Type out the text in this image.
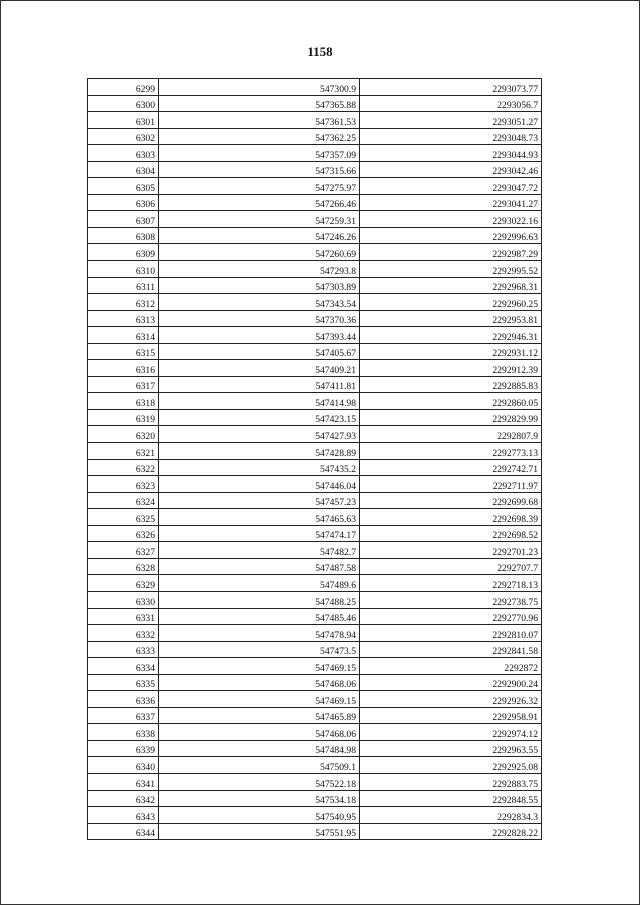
1158
6299	547300.9	2293073.77
6300	547365.88	2293056.7
6301	547361.53	2293051.27
6302	547362.25	2293048.73
6303	547357.09	2293044.93
6304	547315.66	2293042.46
6305	547275.97	2293047.72
6306	547266.46	2293041.27
6307	547259.31	2293022.16
6308	547246.26	2292996.63
6309	547260.69	2292987.29
6310	547293.8	2292995.52
6311	547303.89	2292968.31
6312	547343.54	2292960.25
6313	547370.36	2292953.81
6314	547393.44	2292946.31
6315	547405.67	2292931.12
6316	547409.21	2292912.39
6317	547411.81	2292885.83
6318	547414.98	2292860.05
6319	547423.15	2292829.99
6320	547427.93	2292807.9
6321	547428.89	2292773.13
6322	547435.2	2292742.71
6323	547446.04	2292711.97
6324	547457.23	2292699.68
6325	547465.63	2292698.39
6326	547474.17	2292698.52
6327	547482.7	2292701.23
6328	547487.58	2292707.7
6329	547489.6	2292718.13
6330	547488.25	2292738.75
6331	547485.46	2292770.96
6332	547478.94	2292810.07
6333	547473.5	2292841.58
6334	547469.15	2292872
6335	547468.06	2292900.24
6336	547469.15	2292926.32
6337	547465.89	2292958.91
6338	547468.06	2292974.12
6339	547484.98	2292963.55
6340	547509.1	2292925.08
6341	547522.18	2292883.75
6342	547534.18	2292848.55
6343	547540.95	2292834.3
6344	547551.95	2292828.22
